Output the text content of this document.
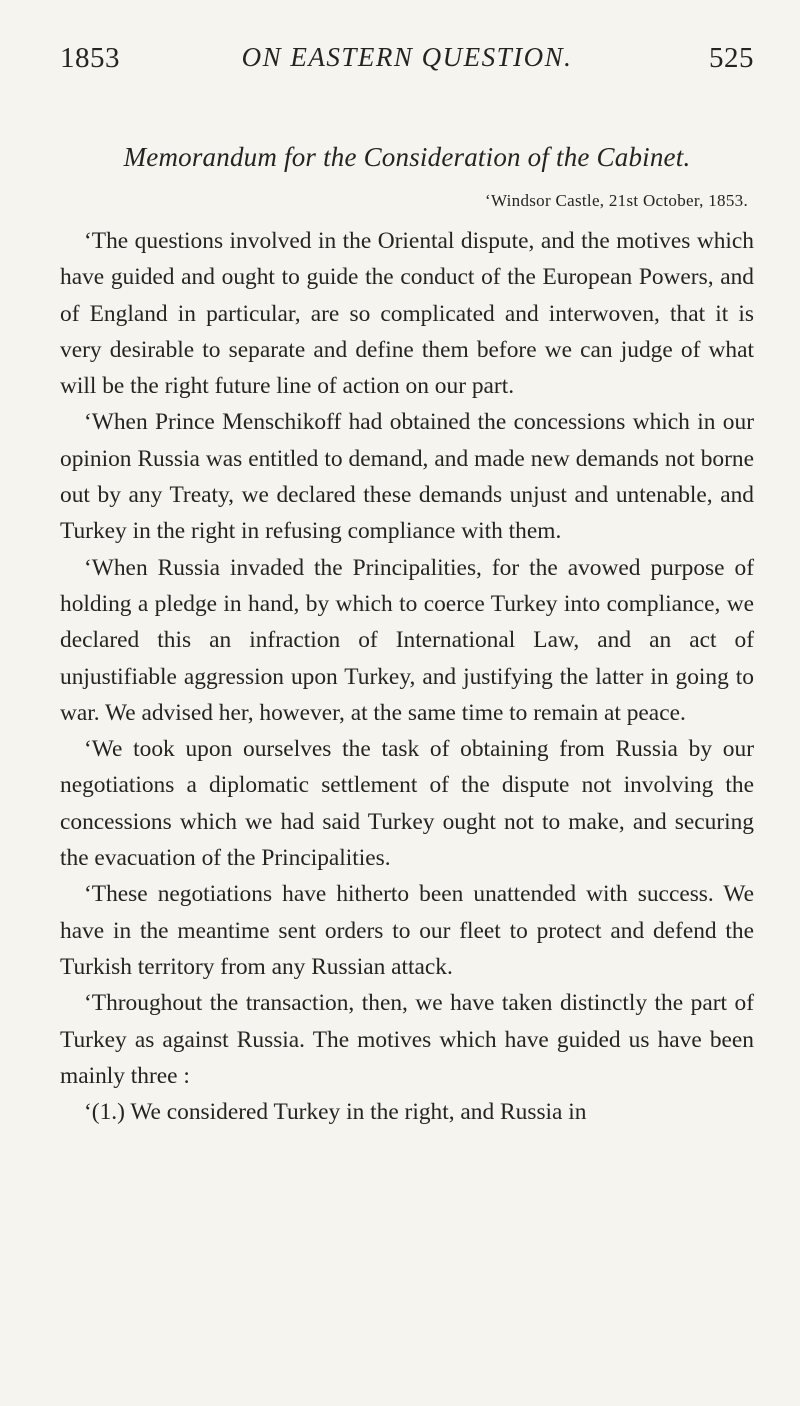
1853	ON EASTERN QUESTION.	525
Memorandum for the Consideration of the Cabinet.
‘Windsor Castle, 21st October, 1853.

‘The questions involved in the Oriental dispute, and the motives which have guided and ought to guide the conduct of the European Powers, and of England in particular, are so complicated and interwoven, that it is very desirable to separate and define them before we can judge of what will be the right future line of action on our part.

‘When Prince Menschikoff had obtained the concessions which in our opinion Russia was entitled to demand, and made new demands not borne out by any Treaty, we declared these demands unjust and untenable, and Turkey in the right in refusing compliance with them.

‘When Russia invaded the Principalities, for the avowed purpose of holding a pledge in hand, by which to coerce Turkey into compliance, we declared this an infraction of International Law, and an act of unjustifiable aggression upon Turkey, and justifying the latter in going to war. We advised her, however, at the same time to remain at peace.

‘We took upon ourselves the task of obtaining from Russia by our negotiations a diplomatic settlement of the dispute not involving the concessions which we had said Turkey ought not to make, and securing the evacuation of the Principalities.

‘These negotiations have hitherto been unattended with success. We have in the meantime sent orders to our fleet to protect and defend the Turkish territory from any Russian attack.

‘Throughout the transaction, then, we have taken distinctly the part of Turkey as against Russia. The motives which have guided us have been mainly three :

‘(1.) We considered Turkey in the right, and Russia in
